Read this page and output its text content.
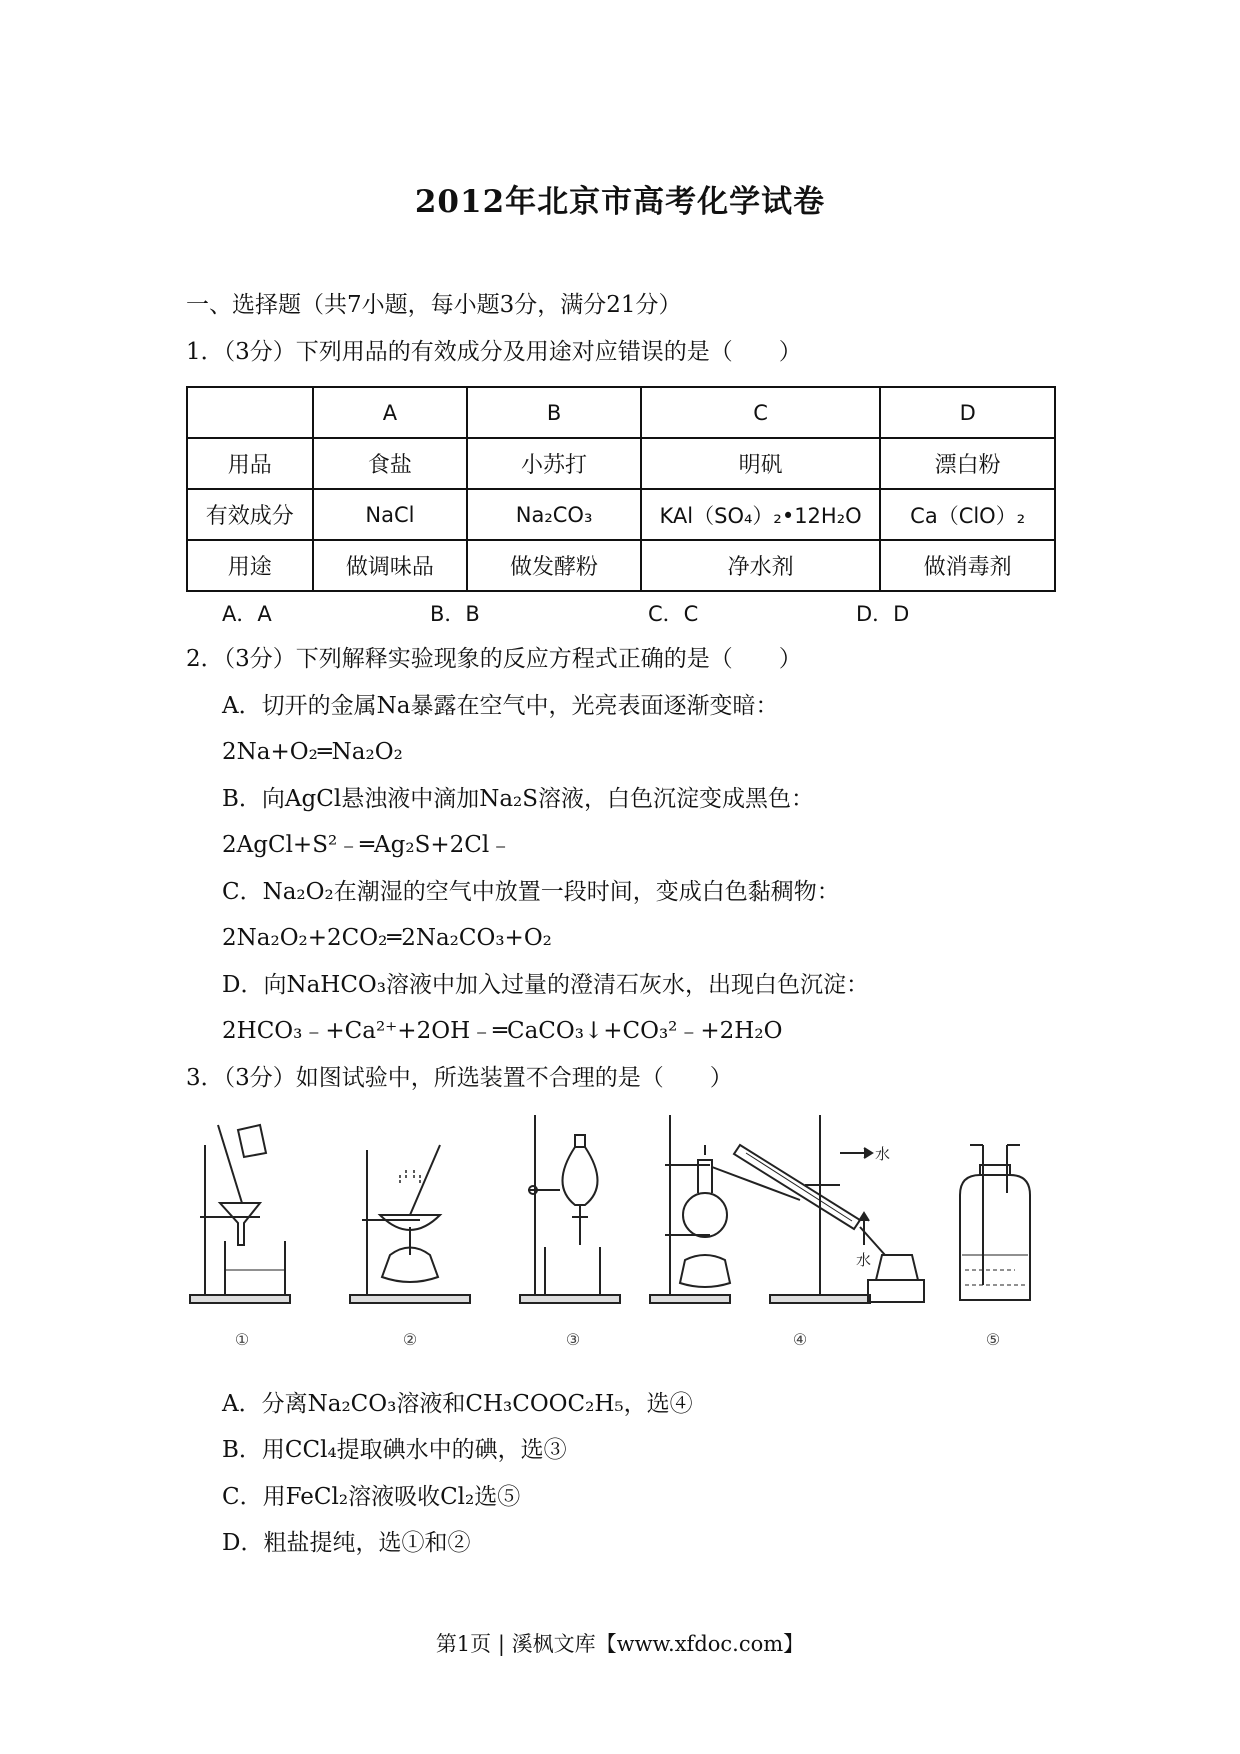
2012年北京市高考化学试卷
一、选择题（共7小题，每小题3分，满分21分）
1．（3分）下列用品的有效成分及用途对应错误的是（　　）
	A	B	C	D
用品	食盐	小苏打	明矾	漂白粉
有效成分	NaCl	Na₂CO₃	KAl（SO₄）₂•12H₂O	Ca（ClO）₂
用途	做调味品	做发酵粉	净水剂	做消毒剂
A．A	B．B	C．C	D．D
2．（3分）下列解释实验现象的反应方程式正确的是（　　）
A．切开的金属Na暴露在空气中，光亮表面逐渐变暗：
2Na+O₂═Na₂O₂
B．向AgCl悬浊液中滴加Na₂S溶液，白色沉淀变成黑色：
2AgCl+S²﹣═Ag₂S+2Cl﹣
C．Na₂O₂在潮湿的空气中放置一段时间，变成白色黏稠物：
2Na₂O₂+2CO₂═2Na₂CO₃+O₂
D．向NaHCO₃溶液中加入过量的澄清石灰水，出现白色沉淀：
2HCO₃﹣+Ca²⁺+2OH﹣═CaCO₃↓+CO₃²﹣+2H₂O
3．（3分）如图试验中，所选装置不合理的是（　　）
①	②	③	④	⑤
水
水
A．分离Na₂CO₃溶液和CH₃COOC₂H₅，选④
B．用CCl₄提取碘水中的碘，选③
C．用FeCl₂溶液吸收Cl₂选⑤
D．粗盐提纯，选①和②
第1页 | 溪枫文库【www.xfdoc.com】
